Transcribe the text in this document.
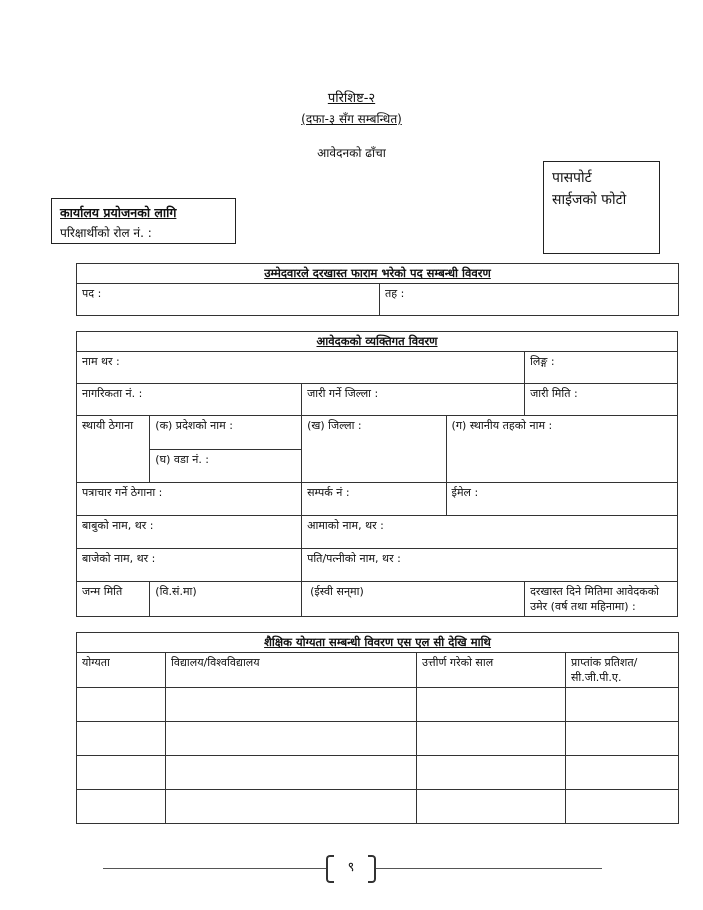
परिशिष्ट-२
(दफा-३ सँग सम्बन्धित)
आवेदनको ढाँचा
पासपोर्ट
साईजको फोटो
कार्यालय प्रयोजनको लागि
परिक्षार्थीको रोल नं. :
उम्मेदवारले दरखास्त फाराम भरेको पद सम्बन्धी विवरण
पद :	तह :
आवेदकको व्यक्तिगत विवरण				
नाम थर :				लिङ्ग :
नागरिकता नं. :		जारी गर्ने जिल्ला :		जारी मिति :
स्थायी ठेगाना	(क) प्रदेशको नाम :	(ख) जिल्ला :	(ग) स्थानीय तहको नाम :	
	(घ) वडा नं. :			
पत्राचार गर्ने ठेगाना :		सम्पर्क नं :	ईमेल :	
बाबुको नाम, थर :		आमाको नाम, थर :		
बाजेको नाम, थर :		पति/पत्नीको नाम, थर :		
जन्म मिति	(वि.सं.मा)	(ईस्वी सन्‌मा)		दरखास्त दिने मितिमा आवेदकको उमेर (वर्ष तथा महिनामा) :
शैक्षिक योग्यता सम्बन्धी विवरण एस एल सी देखि माथि			
योग्यता	विद्यालय/विश्वविद्यालय	उत्तीर्ण गरेको साल	प्राप्तांक प्रतिशत/सी.जी.पी.ए.

९
